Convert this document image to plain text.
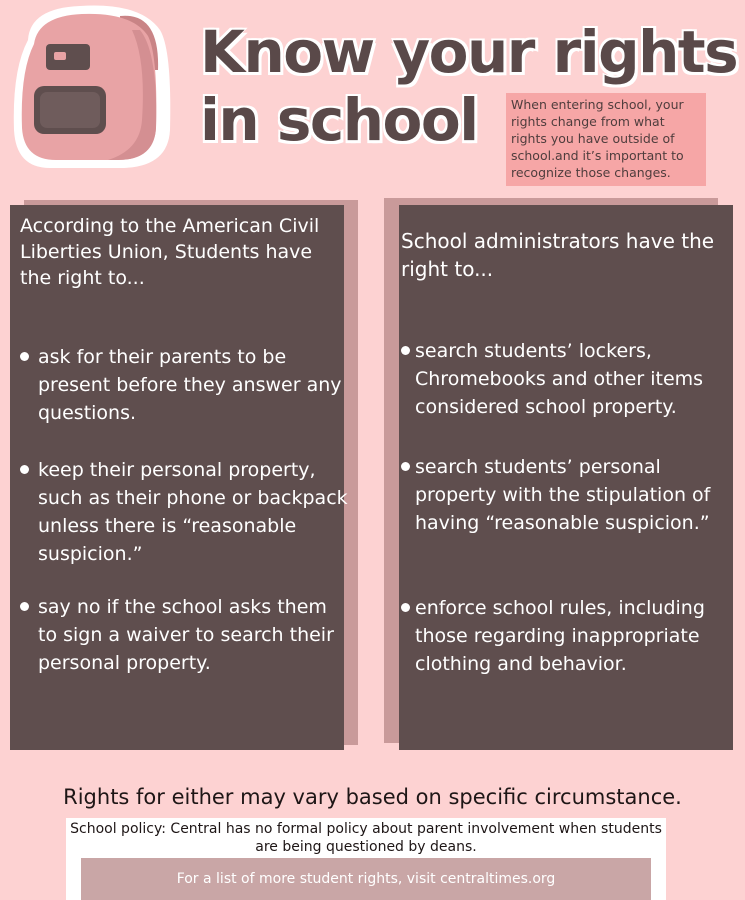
Know your rights
in school	When entering school, your rights change from what rights you have outside of school.and it’s important to recognize those changes.
According to the American Civil Liberties Union, Students have the right to...
ask for their parents to be present before they answer any questions.
keep their personal property, such as their phone or backpack unless there is “reasonable suspicion.”
say no if the school asks them to sign a waiver to search their personal property.
School administrators have the right to...
search students’ lockers, Chromebooks and other items considered school property.
search students’ personal property with the stipulation of having “reasonable suspicion.”
enforce school rules, including those regarding inappropriate clothing and behavior.
Rights for either may vary based on specific circumstance.
School policy: Central has no formal policy about parent involvement when students are being questioned by deans.
For a list of more student rights, visit centraltimes.org
